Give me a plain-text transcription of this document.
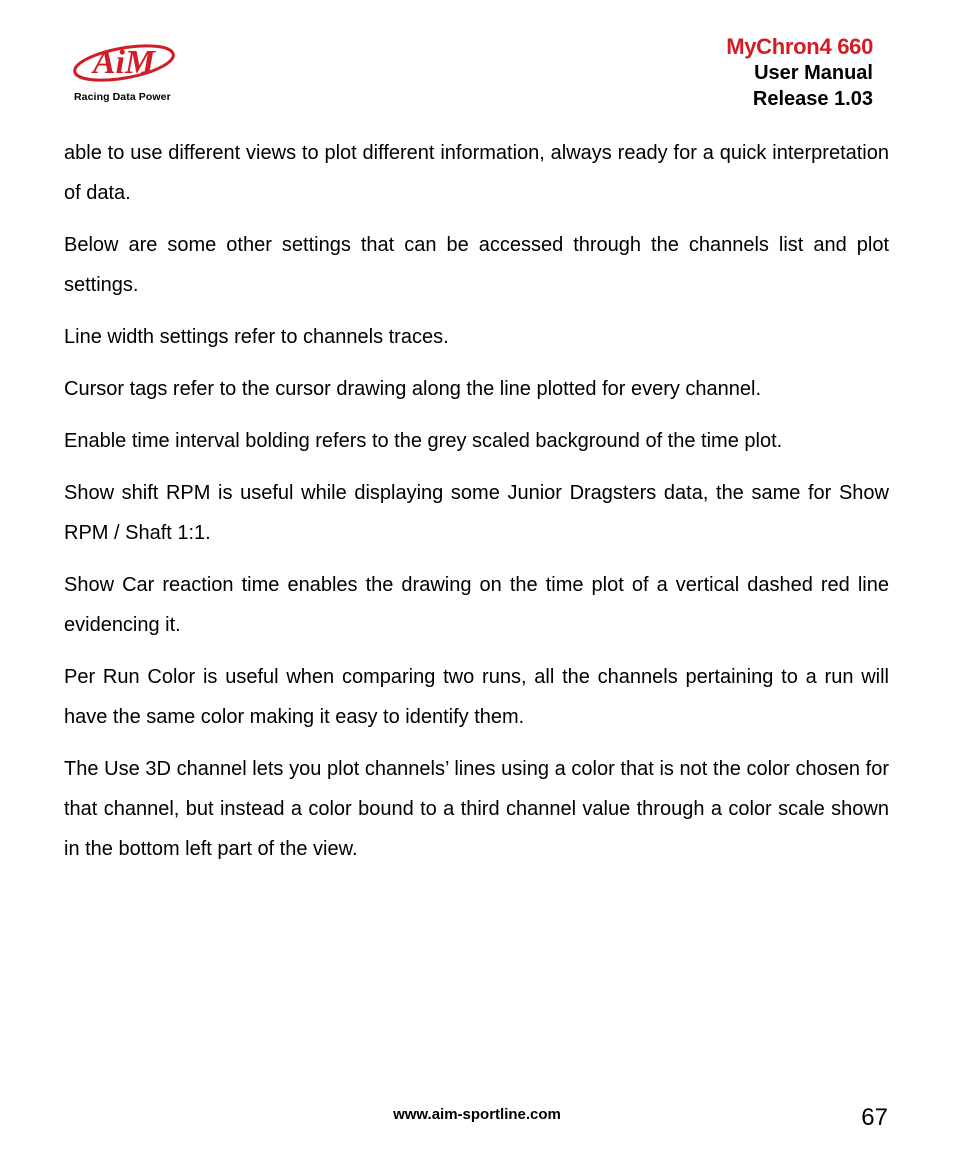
AiM
Racing Data Power
MyChron4 660
User Manual
Release 1.03

able to use different views to plot different information, always ready for a quick interpretation of data.

Below are some other settings that can be accessed through the channels list and plot settings.

Line width settings refer to channels traces.

Cursor tags refer to the cursor drawing along the line plotted for every channel.

Enable time interval bolding refers to the grey scaled background of the time plot.

Show shift RPM is useful while displaying some Junior Dragsters data, the same for Show RPM / Shaft 1:1.

Show Car reaction time enables the drawing on the time plot of a vertical dashed red line evidencing it.

Per Run Color is useful when comparing two runs, all the channels pertaining to a run will have the same color making it easy to identify them.

The Use 3D channel lets you plot channels’ lines using a color that is not the color chosen for that channel, but instead a color bound to a third channel value through a color scale shown in the bottom left part of the view.

www.aim-sportline.com	67
